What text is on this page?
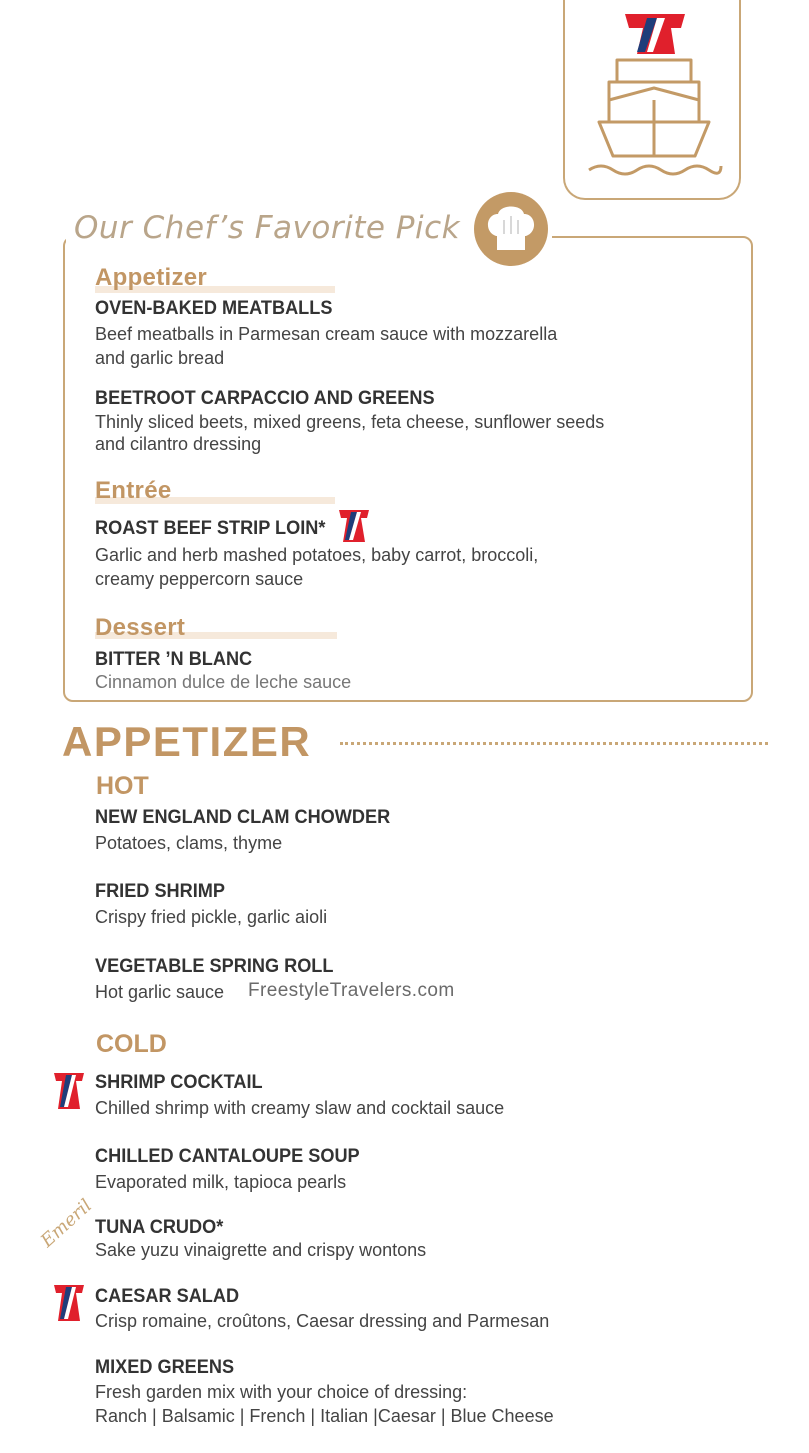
Our Chef’s Favorite Pick
Appetizer
OVEN-BAKED MEATBALLS
Beef meatballs in Parmesan cream sauce with mozzarella
and garlic bread
BEETROOT CARPACCIO AND GREENS
Thinly sliced beets, mixed greens, feta cheese, sunflower seeds
and cilantro dressing
Entrée
ROAST BEEF STRIP LOIN*
Garlic and herb mashed potatoes, baby carrot, broccoli,
creamy peppercorn sauce
Dessert
BITTER ’N BLANC
Cinnamon dulce de leche sauce
APPETIZER
HOT
NEW ENGLAND CLAM CHOWDER
Potatoes, clams, thyme
FRIED SHRIMP
Crispy fried pickle, garlic aioli
VEGETABLE SPRING ROLL
Hot garlic sauce FreestyleTravelers.com
COLD
SHRIMP COCKTAIL
Chilled shrimp with creamy slaw and cocktail sauce
CHILLED CANTALOUPE SOUP
Evaporated milk, tapioca pearls
Emeril
TUNA CRUDO*
Sake yuzu vinaigrette and crispy wontons
CAESAR SALAD
Crisp romaine, croûtons, Caesar dressing and Parmesan
MIXED GREENS
Fresh garden mix with your choice of dressing:
Ranch | Balsamic | French | Italian |Caesar | Blue Cheese
